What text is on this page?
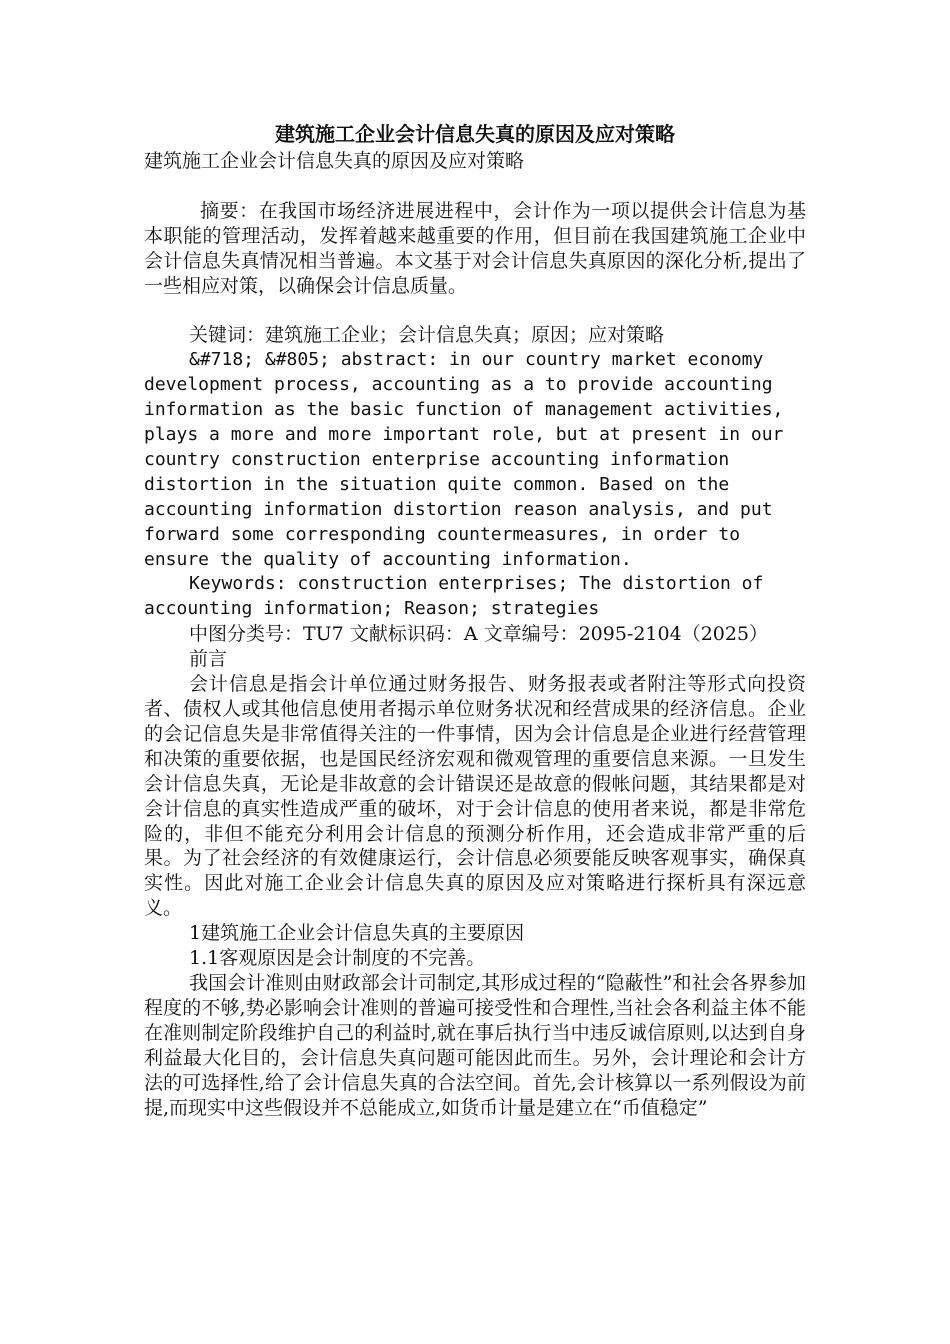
建筑施工企业会计信息失真的原因及应对策略

建筑施工企业会计信息失真的原因及应对策略

摘要：在我国市场经济进展进程中，会计作为一项以提供会计信息为基本职能的管理活动，发挥着越来越重要的作用，但目前在我国建筑施工企业中会计信息失真情况相当普遍。本文基于对会计信息失真原因的深化分析,提出了一些相应对策，以确保会计信息质量。

关键词：建筑施工企业；会计信息失真；原因；应对策略

&#718; &#805; abstract: in our country market economy development process, accounting as a to provide accounting information as the basic function of management activities, plays a more and more important role, but at present in our country construction enterprise accounting information distortion in the situation quite common. Based on the accounting information distortion reason analysis, and put forward some corresponding countermeasures, in order to ensure the quality of accounting information.

Keywords: construction enterprises; The distortion of accounting information; Reason; strategies

中图分类号：TU7 文献标识码：A 文章编号：2095-2104（2025）

前言

会计信息是指会计单位通过财务报告、财务报表或者附注等形式向投资者、债权人或其他信息使用者揭示单位财务状况和经营成果的经济信息。企业的会记信息失是非常值得关注的一件事情，因为会计信息是企业进行经营管理和决策的重要依据，也是国民经济宏观和微观管理的重要信息来源。一旦发生会计信息失真，无论是非故意的会计错误还是故意的假帐问题，其结果都是对会计信息的真实性造成严重的破坏，对于会计信息的使用者来说，都是非常危险的，非但不能充分利用会计信息的预测分析作用，还会造成非常严重的后果。为了社会经济的有效健康运行，会计信息必须要能反映客观事实，确保真实性。因此对施工企业会计信息失真的原因及应对策略进行探析具有深远意义。

1建筑施工企业会计信息失真的主要原因

1.1客观原因是会计制度的不完善。

我国会计准则由财政部会计司制定,其形成过程的“隐蔽性”和社会各界参加程度的不够,势必影响会计准则的普遍可接受性和合理性,当社会各利益主体不能在准则制定阶段维护自己的利益时,就在事后执行当中违反诚信原则,以达到自身利益最大化目的，会计信息失真问题可能因此而生。另外，会计理论和会计方法的可选择性,给了会计信息失真的合法空间。首先,会计核算以一系列假设为前提,而现实中这些假设并不总能成立,如货币计量是建立在“币值稳定”
